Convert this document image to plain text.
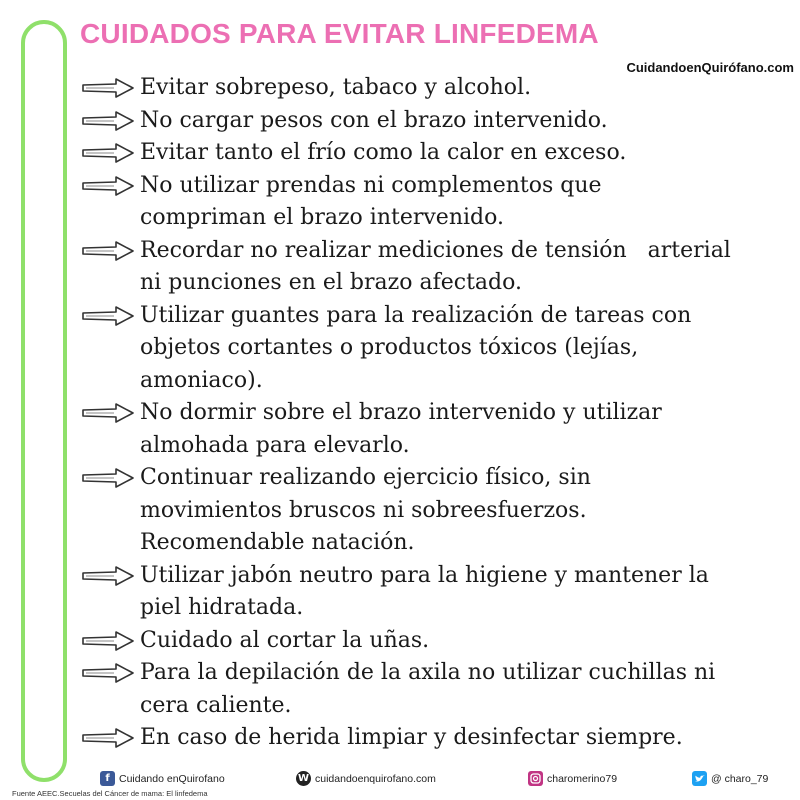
CUIDADOS PARA EVITAR LINFEDEMA
CuidandoenQuirófano.com
Evitar sobrepeso, tabaco y alcohol.
No cargar pesos con el brazo intervenido.
Evitar tanto el frío como la calor en exceso.
No utilizar prendas ni complementos que
compriman el brazo intervenido.
Recordar no realizar mediciones de tensión   arterial
ni punciones en el brazo afectado.
Utilizar guantes para la realización de tareas con
objetos cortantes o productos tóxicos (lejías,
amoniaco).
No dormir sobre el brazo intervenido y utilizar
almohada para elevarlo.
Continuar realizando ejercicio físico, sin
movimientos bruscos ni sobreesfuerzos.
Recomendable natación.
Utilizar jabón neutro para la higiene y mantener la
piel hidratada.
Cuidado al cortar la uñas.
Para la depilación de la axila no utilizar cuchillas ni
cera caliente.
En caso de herida limpiar y desinfectar siempre.
f Cuidando enQuirofano	W cuidandoenquirofano.com	charomerino79	@ charo_79
Fuente AEEC.Secuelas del Cáncer de mama: El linfedema
